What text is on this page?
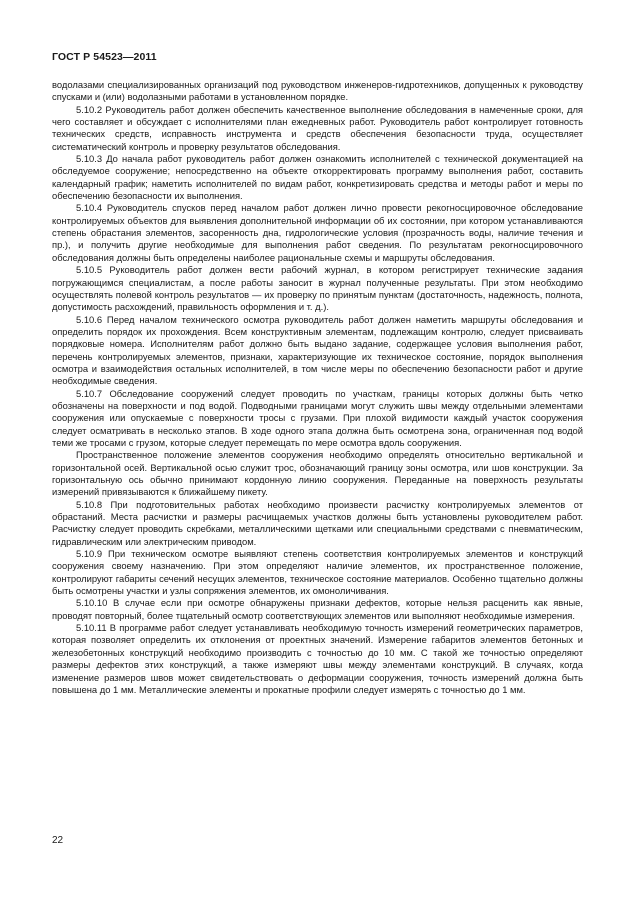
ГОСТ Р 54523—2011

водолазами специализированных организаций под руководством инженеров-гидротехников, допущенных к руководству спусками и (или) водолазными работами в установленном порядке.

5.10.2 Руководитель работ должен обеспечить качественное выполнение обследования в намеченные сроки, для чего составляет и обсуждает с исполнителями план ежедневных работ. Руководитель работ контролирует готовность технических средств, исправность инструмента и средств обеспечения безопасности труда, осуществляет систематический контроль и проверку результатов обследования.

5.10.3 До начала работ руководитель работ должен ознакомить исполнителей с технической документацией на обследуемое сооружение; непосредственно на объекте откорректировать программу выполнения работ, составить календарный график; наметить исполнителей по видам работ, конкретизировать средства и методы работ и меры по обеспечению безопасности их выполнения.

5.10.4 Руководитель спусков перед началом работ должен лично провести рекогносцировочное обследование контролируемых объектов для выявления дополнительной информации об их состоянии, при котором устанавливаются степень обрастания элементов, засоренность дна, гидрологические условия (прозрачность воды, наличие течения и пр.), и получить другие необходимые для выполнения работ сведения. По результатам рекогносцировочного обследования должны быть определены наиболее рациональные схемы и маршруты обследования.

5.10.5 Руководитель работ должен вести рабочий журнал, в котором регистрирует технические задания погружающимся специалистам, а после работы заносит в журнал полученные результаты. При этом необходимо осуществлять полевой контроль результатов — их проверку по принятым пунктам (достаточность, надежность, полнота, допустимость расхождений, правильность оформления и т. д.).

5.10.6 Перед началом технического осмотра руководитель работ должен наметить маршруты обследования и определить порядок их прохождения. Всем конструктивным элементам, подлежащим контролю, следует присваивать порядковые номера. Исполнителям работ должно быть выдано задание, содержащее условия выполнения работ, перечень контролируемых элементов, признаки, характеризующие их техническое состояние, порядок выполнения осмотра и взаимодействия остальных исполнителей, в том числе меры по обеспечению безопасности работ и другие необходимые сведения.

5.10.7 Обследование сооружений следует проводить по участкам, границы которых должны быть четко обозначены на поверхности и под водой. Подводными границами могут служить швы между отдельными элементами сооружения или опускаемые с поверхности тросы с грузами. При плохой видимости каждый участок сооружения следует осматривать в несколько этапов. В ходе одного этапа должна быть осмотрена зона, ограниченная под водой теми же тросами с грузом, которые следует перемещать по мере осмотра вдоль сооружения.

Пространственное положение элементов сооружения необходимо определять относительно вертикальной и горизонтальной осей. Вертикальной осью служит трос, обозначающий границу зоны осмотра, или шов конструкции. За горизонтальную ось обычно принимают кордонную линию сооружения. Переданные на поверхность результаты измерений привязываются к ближайшему пикету.

5.10.8 При подготовительных работах необходимо произвести расчистку контролируемых элементов от обрастаний. Места расчистки и размеры расчищаемых участков должны быть установлены руководителем работ. Расчистку следует проводить скребками, металлическими щетками или специальными средствами с пневматическим, гидравлическим или электрическим приводом.

5.10.9 При техническом осмотре выявляют степень соответствия контролируемых элементов и конструкций сооружения своему назначению. При этом определяют наличие элементов, их пространственное положение, контролируют габариты сечений несущих элементов, техническое состояние материалов. Особенно тщательно должны быть осмотрены участки и узлы сопряжения элементов, их омоноличивания.

5.10.10 В случае если при осмотре обнаружены признаки дефектов, которые нельзя расценить как явные, проводят повторный, более тщательный осмотр соответствующих элементов или выполняют необходимые измерения.

5.10.11 В программе работ следует устанавливать необходимую точность измерений геометрических параметров, которая позволяет определить их отклонения от проектных значений. Измерение габаритов элементов бетонных и железобетонных конструкций необходимо производить с точностью до 10 мм. С такой же точностью определяют размеры дефектов этих конструкций, а также измеряют швы между элементами конструкций. В случаях, когда изменение размеров швов может свидетельствовать о деформации сооружения, точность измерений должна быть повышена до 1 мм. Металлические элементы и прокатные профили следует измерять с точностью до 1 мм.

22
